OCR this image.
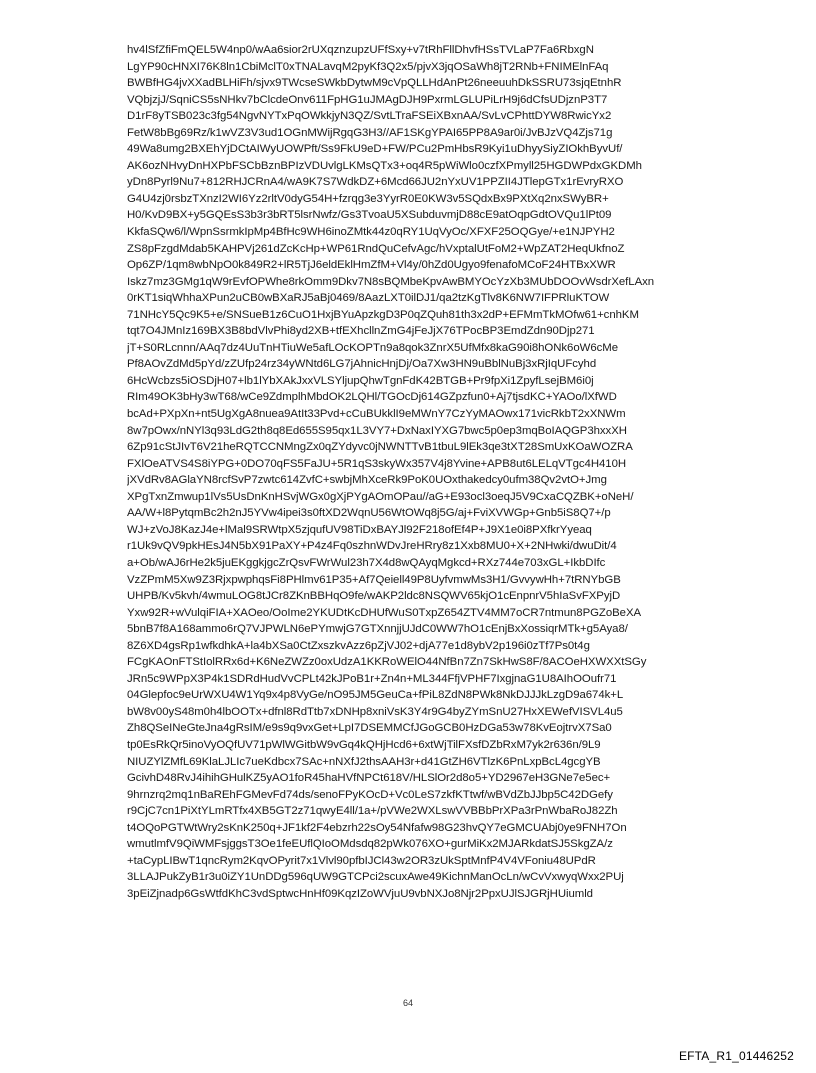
hv4lSfZfiFmQEL5W4np0/wAa6sior2rUXqznzupzUFfSxy+v7tRhFllDhvfHSsTVLaP7Fa6RbxgN
LgYP90cHNXI76K8ln1CbiMclT0xTNALavqM2pyKf3Q2x5/pjvX3jqOSaWh8jT2RNb+FNIMElnFAq
BWBfHG4jvXXadBLHiFh/sjvx9TWcseSWkbDytwM9cVpQLLHdAnPt26neeuuhDkSSRU73sjqEtnhR
VQbjzjJ/SqniCS5sNHkv7bClcdeOnv611FpHG1uJMAgDJH9PxrmLGLUPiLrH9j6dCfsUDjznP3T7
D1rF8yTSB023c3fg54NgvNYTxPqOWkkjyN3QZ/SvtLTraFSEiXBxnAA/SvLvCPhttDYW8RwicYx2
FetW8bBg69Rz/k1wVZ3V3ud1OGnMWijRgqG3H3//AF1SKgYPAI65PP8A9ar0i/JvBJzVQ4Zjs71g
49Wa8umg2BXEhYjDCtAIWyUOWPft/Ss9FkU9eD+FW/PCu2PmHbsR9Kyi1uDhyySiyZIOkhByvUf/
AK6ozNHvyDnHXPbFSCbBznBPIzVDUvlgLKMsQTx3+oq4R5pWiWlo0czfXPmyll25HGDWPdxGKDMh
yDn8Pyrl9Nu7+812RHJCRnA4/wA9K7S7WdkDZ+6Mcd66JU2nYxUV1PPZII4JTlepGTx1rEvryRXO
G4U4zj0rsbzTXnzI2WI6Yz2rltV0dyG54H+fzrqg3e3YyrR0E0KW3v5SQdxBx9PXtXq2nxSWyBR+
H0/KvD9BX+y5GQEsS3b3r3bRT5lsrNwfz/Gs3TvoaU5XSubduvmjD88cE9atOqpGdtOVQu1lPt09
KkfaSQw6/l/WpnSsrmkIpMp4BfHc9WH6inoZMtk44z0qRY1UqVyOc/XFXF25OQGye/+e1NJPYH2
ZS8pFzgdMdab5KAHPVj261dZcKcHp+WP61RndQuCefvAgc/hVxptalUtFoM2+WpZAT2HeqUkfnoZ
Op6ZP/1qm8wbNpO0k849R2+lR5TjJ6eldEklHmZfM+Vl4y/0hZd0Ugyo9fenafoMCoF24HTBxXWR
Iskz7mz3GMg1qW9rEvfOPWhe8rkOmm9Dkv7N8sBQMbeKpvAwBMYOcYzXb3MUbDOOvWsdrXefLAxn
0rKT1siqWhhaXPun2uCB0wBXaRJ5aBj0469/8AazLXT0ilDJ1/qa2tzKgTlv8K6NW7IFPRluKTOW
71NHcY5Qc9K5+e/SNSueB1z6CuO1HxjBYuApzkgD3P0qZQuh81th3x2dP+EFMmTkMOfw61+cnhKM
tqt7O4JMnIz169BX3B8bdVlvPhi8yd2XB+tfEXhcllnZmG4jFeJjX76TPocBP3EmdZdn90Djp271
jT+S0RLcnnn/AAq7dz4UuTnHTiuWe5afLOcKOPTn9a8qok3ZnrX5UfMfx8kaG90i8hONk6oW6cMe
Pf8AOvZdMd5pYd/zZUfp24rz34yWNtd6LG7jAhnicHnjDj/Oa7Xw3HN9uBblNuBj3xRjIqUFcyhd
6HcWcbzs5iOSDjH07+lb1lYbXAkJxxVLSYljupQhwTgnFdK42BTGB+Pr9fpXi1ZpyfLsejBM6i0j
RIm49OK3bHy3wT68/wCe9ZdmplhMbdOK2LQHl/TGOcDj614GZpzfun0+Aj7tjsdKC+YAOo/lXfWD
bcAd+PXpXn+nt5UgXgA8nuea9AtIt33Pvd+cCuBUkklI9eMWnY7CzYyMAOwx171vicRkbT2xXNWm
8w7pOwx/nNYl3q93LdG2th8q8Ed655S95qx1L3VY7+DxNaxIYXG7bwc5p0ep3mqBoIAQGP3hxxXH
6Zp91cStJIvT6V21heRQTCCNMngZx0qZYdyvc0jNWNTTvB1tbuL9lEk3qe3tXT28SmUxKOaWOZRA
FXlOeATVS4S8iYPG+0DO70qFS5FaJU+5R1qS3skyWx357V4j8Yvine+APB8ut6LELqVTgc4H410H
jXVdRv8AGlaYN8rcfSvP7zwtc614ZvfC+swbjMhXceRk9PoK0UOxthakedcy0ufm38Qv2vtO+Jmg
XPgTxnZmwup1lVs5UsDnKnHSvjWGx0gXjPYgAOmOPau//aG+E93ocl3oeqJ5V9CxaCQZBK+oNeH/
AA/W+l8PytqmBc2h2nJ5YVw4ipei3s0ftXD2WqnU56WtOWq8j5G/aj+FviXVWGp+Gnb5iS8Q7+/p
WJ+zVoJ8KazJ4e+lMal9SRWtpX5zjqufUV98TiDxBAYJl92F218ofEf4P+J9X1e0i8PXfkrYyeaq
r1Uk9vQV9pkHEsJ4N5bX91PaXY+P4z4Fq0szhnWDvJreHRry8z1Xxb8MU0+X+2NHwki/dwuDit/4
a+Ob/wAJ6rHe2k5juEKggkjgcZrQsvFWrWul23h7X4d8wQAyqMgkcd+RXz744e703xGL+IkbDIfc
VzZPmM5Xw9Z3RjxpwphqsFi8PHlmv61P35+Af7Qeiell49P8UyfvmwMs3H1/GvvywHh+7tRNYbGB
UHPB/Kv5kvh/4wmuLOG8tJCr8ZKnBBHqO9fe/wAKP2ldc8NSQWV65kjO1cEnpnrV5hIaSvFXPyjD
Yxw92R+wVulqiFIA+XAOeo/OoIme2YKUDtKcDHUfWuS0TxpZ654ZTV4MM7oCR7ntmun8PGZoBeXA
5bnB7f8A168ammo6rQ7VJPWLN6ePYmwjG7GTXnnjjUJdC0WW7hO1cEnjBxXossiqrMTk+g5Aya8/
8Z6XD4gsRp1wfkdhkA+la4bXSa0CtZxszkvAzz6pZjVJ02+djA77e1d8ybV2p196i0zTf7Ps0t4g
FCgKAOnFTStIolRRx6d+K6NeZWZz0oxUdzA1KKRoWElO44NfBn7Zn7SkHwS8F/8ACOeHXWXXtSGy
JRn5c9WPpX3P4k1SDRdHudVvCPLt42kJPoB1r+Zn4n+ML344FfjVPHF7IxgjnaG1U8AIhOOufr71
04Glepfoc9eUrWXU4W1Yq9x4p8VyGe/nO95JM5GeuCa+fPiL8ZdN8PWk8NkDJJJkLzgD9a674k+L
bW8v00yS48m0h4lbOOTx+dfnl8RdTtb7xDNHp8xniVsK3Y4r9G4byZYmSnU27HxXEWefVISVL4u5
Zh8QSeINeGteJna4gRsIM/e9s9q9vxGet+LpI7DSEMMCfJGoGCB0HzDGa53w78KvEojtrvX7Sa0
tp0EsRkQr5inoVyOQfUV71pWlWGitbW9vGq4kQHjHcd6+6xtWjTilFXsfDZbRxM7yk2r636n/9L9
NIUZYlZMfL69KlaLJLIc7ueKdbcx7SAc+nNXfJ2thsAAH3r+d41GtZH6VTlzK6PnLxpBcL4gcgYB
GcivhD48RvJ4ihihGHulKZ5yAO1foR45haHVfNPCt618V/HLSlOr2d8o5+YD2967eH3GNe7e5ec+
9hrnzrq2mq1nBaREhFGMevFd74ds/senoFPyKOcD+Vc0LeS7zkfKTtwf/wBVdZbJJbp5C42DGefy
r9CjC7cn1PiXtYLmRTfx4XB5GT2z71qwyE4ll/1a+/pVWe2WXLswVVBBbPrXPa3rPnWbaRoJ82Zh
t4OQoPGTWtWry2sKnK250q+JF1kf2F4ebzrh22sOy54Nfafw98G23hvQY7eGMCUAbj0ye9FNH7On
wmutlmfV9QiWMFsjggsT3Oe1feEUflQIoOMdsdq82pWk076XO+gurMiKx2MJARkdatSJ5SkgZA/z
+taCypLIBwT1qncRym2KqvOPyrit7x1Vlvl90pfbIJCl43w2OR3zUkSptMnfP4V4VFoniu48UPdR
3LLAJPukZyB1r3u0iZY1UnDDg596qUW9GTCPci2scuxAwe49KichnManOcLn/wCvVxwyqWxx2PUj
3pEiZjnadp6GsWtfdKhC3vdSptwcHnHf09KqzIZoWVjuU9vbNXJo8Njr2PpxUJlSJGRjHUiumld
64
EFTA_R1_01446252
